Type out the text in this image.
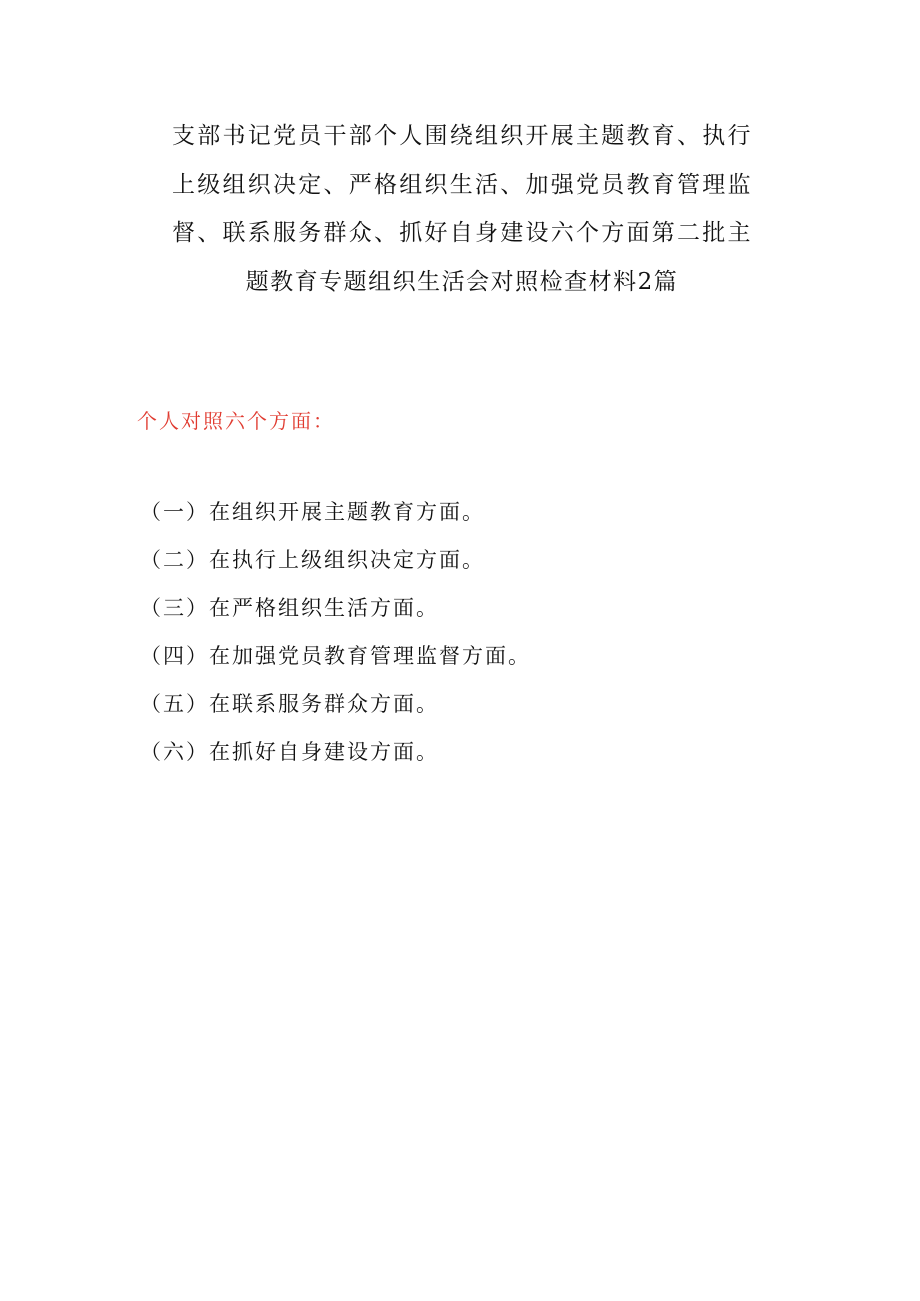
支部书记党员干部个人围绕组织开展主题教育、执行上级组织决定、严格组织生活、加强党员教育管理监督、联系服务群众、抓好自身建设六个方面第二批主题教育专题组织生活会对照检查材料2篇
个人对照六个方面：
（一）在组织开展主题教育方面。
（二）在执行上级组织决定方面。
（三）在严格组织生活方面。
（四）在加强党员教育管理监督方面。
（五）在联系服务群众方面。
（六）在抓好自身建设方面。
